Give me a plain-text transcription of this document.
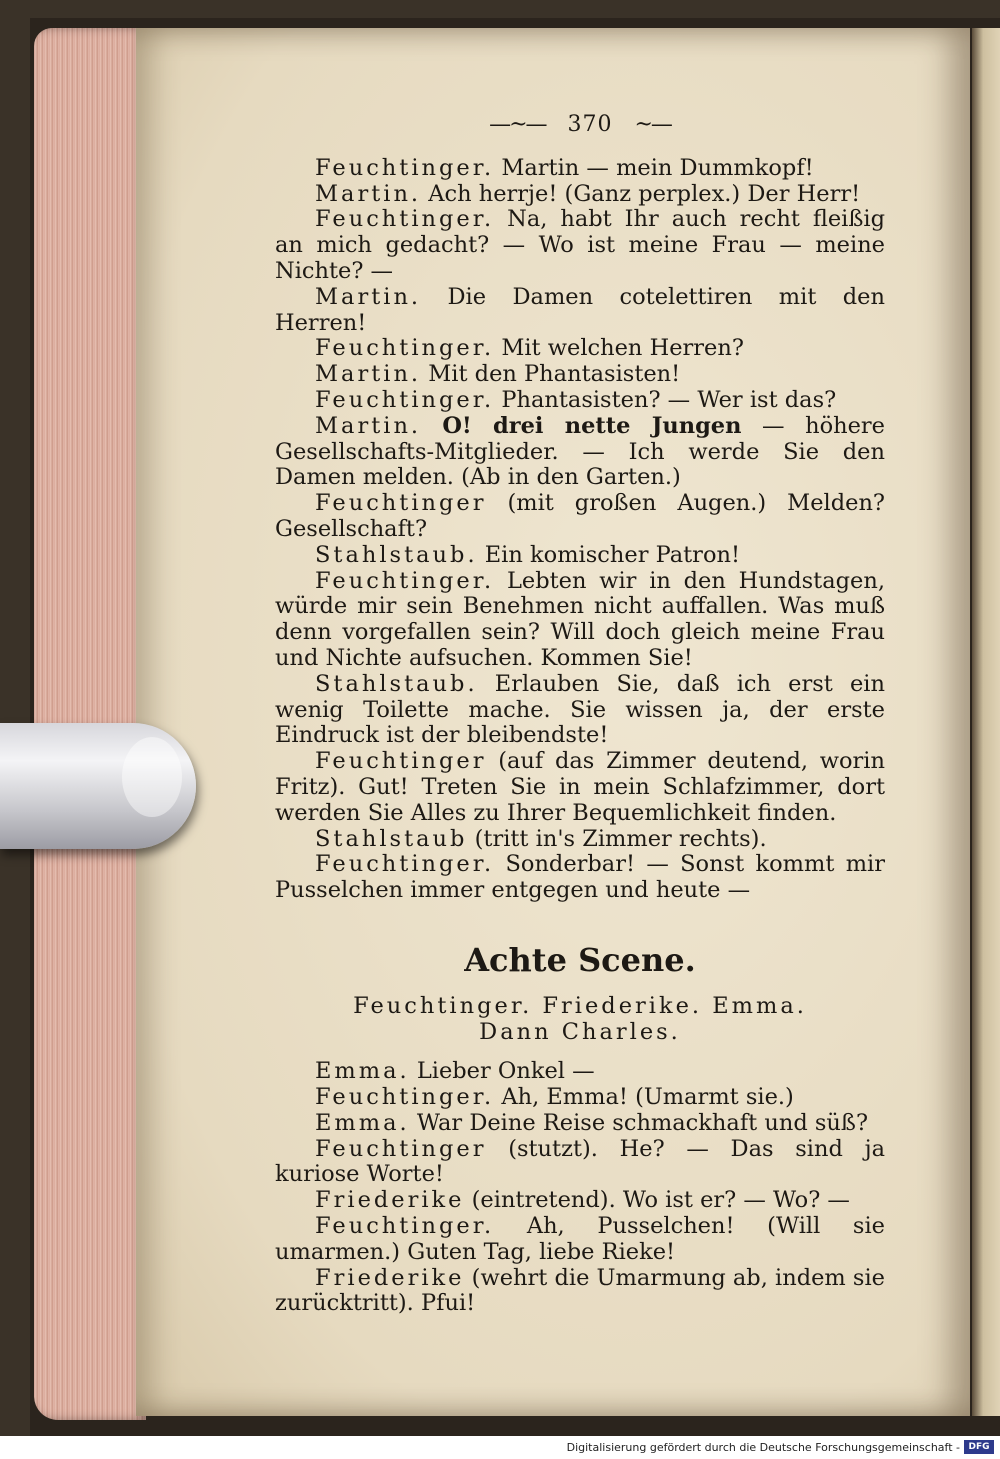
—~— 370 ~—

Feuchtinger. Martin — mein Dummkopf!

Martin. Ach herrje! (Ganz perplex.) Der Herr!

Feuchtinger. Na, habt Ihr auch recht fleißig an mich gedacht? — Wo ist meine Frau — meine Nichte? —

Martin. Die Damen cotelettiren mit den Herren!

Feuchtinger. Mit welchen Herren?

Martin. Mit den Phantasisten!

Feuchtinger. Phantasisten? — Wer ist das?

Martin. O! drei nette Jungen — höhere Gesellschafts-Mitglieder. — Ich werde Sie den Damen melden. (Ab in den Garten.)

Feuchtinger (mit großen Augen.) Melden? Gesellschaft?

Stahlstaub. Ein komischer Patron!

Feuchtinger. Lebten wir in den Hundstagen, würde mir sein Benehmen nicht auffallen. Was muß denn vorgefallen sein? Will doch gleich meine Frau und Nichte aufsuchen. Kommen Sie!

Stahlstaub. Erlauben Sie, daß ich erst ein wenig Toilette mache. Sie wissen ja, der erste Eindruck ist der bleibendste!

Feuchtinger (auf das Zimmer deutend, worin Fritz). Gut! Treten Sie in mein Schlafzimmer, dort werden Sie Alles zu Ihrer Bequemlichkeit finden.

Stahlstaub (tritt in's Zimmer rechts).

Feuchtinger. Sonderbar! — Sonst kommt mir Pusselchen immer entgegen und heute —

Achte Scene.

Feuchtinger. Friederike. Emma.

Dann Charles.

Emma. Lieber Onkel —

Feuchtinger. Ah, Emma! (Umarmt sie.)

Emma. War Deine Reise schmackhaft und süß?

Feuchtinger (stutzt). He? — Das sind ja kuriose Worte!

Friederike (eintretend). Wo ist er? — Wo? —

Feuchtinger. Ah, Pusselchen! (Will sie umarmen.) Guten Tag, liebe Rieke!

Friederike (wehrt die Umarmung ab, indem sie zurücktritt). Pfui!

Digitalisierung gefördert durch die Deutsche Forschungsgemeinschaft - DFG
